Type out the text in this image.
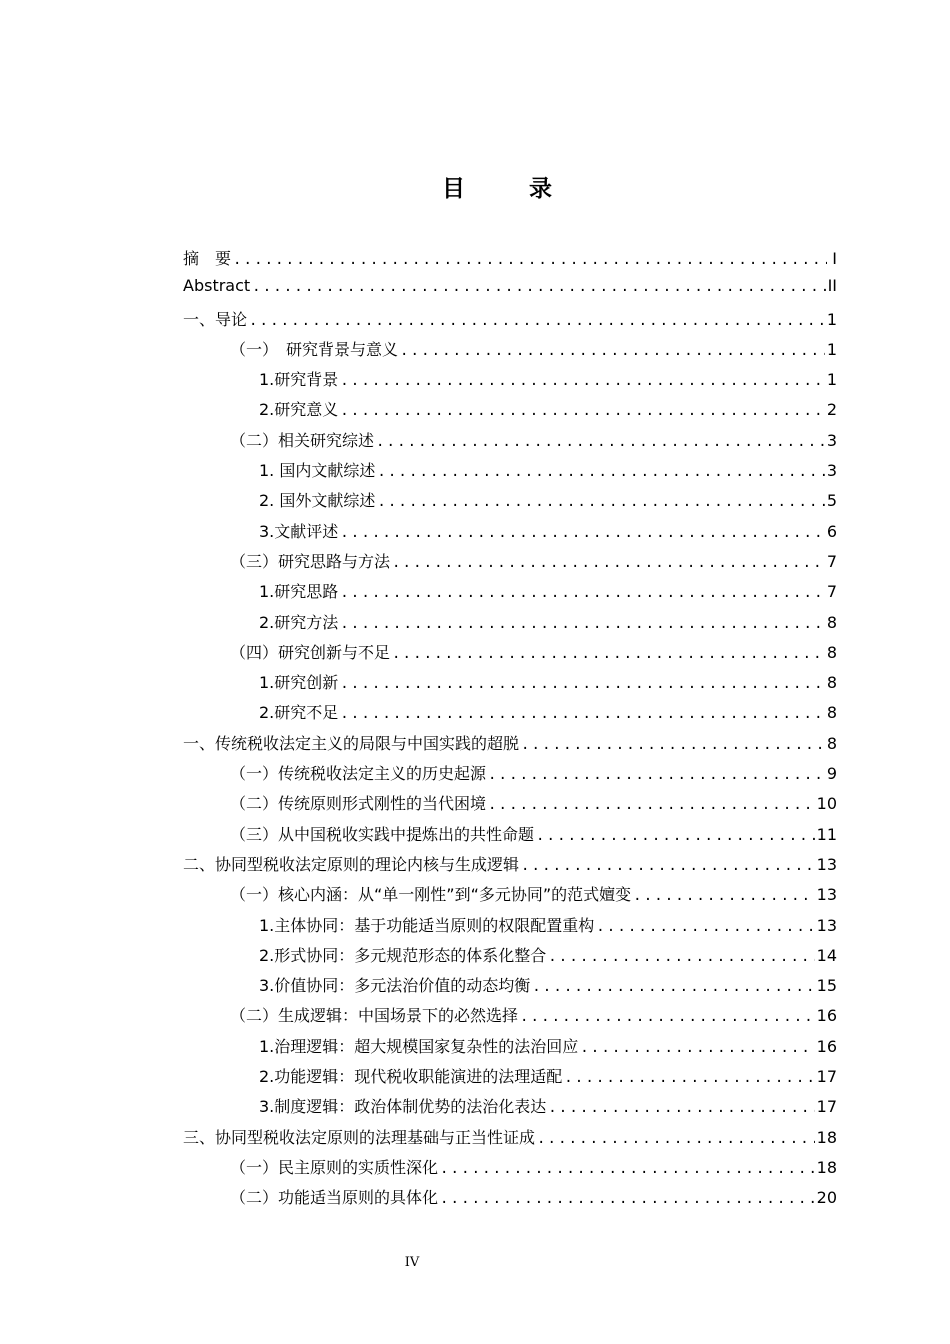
目 录
摘　要 .....	I
Abstract .....	II
一、导论 .....	1
（一）　研究背景与意义 .....	1
1.研究背景 .....	1
2.研究意义 .....	2
（二）相关研究综述 .....	3
1. 国内文献综述 .....	3
2. 国外文献综述 .....	5
3.文献评述 .....	6
（三）研究思路与方法 .....	7
1.研究思路 .....	7
2.研究方法 .....	8
（四）研究创新与不足 .....	8
1.研究创新 .....	8
2.研究不足 .....	8
一、传统税收法定主义的局限与中国实践的超脱 .....	8
（一）传统税收法定主义的历史起源 .....	9
（二）传统原则形式刚性的当代困境 .....	10
（三）从中国税收实践中提炼出的共性命题 .....	11
二、协同型税收法定原则的理论内核与生成逻辑 .....	13
（一）核心内涵：从“单一刚性”到“多元协同”的范式嬗变 .....	13
1.主体协同：基于功能适当原则的权限配置重构 .....	13
2.形式协同：多元规范形态的体系化整合 .....	14
3.价值协同：多元法治价值的动态均衡 .....	15
（二）生成逻辑：中国场景下的必然选择 .....	16
1.治理逻辑：超大规模国家复杂性的法治回应 .....	16
2.功能逻辑：现代税收职能演进的法理适配 .....	17
3.制度逻辑：政治体制优势的法治化表达 .....	17
三、协同型税收法定原则的法理基础与正当性证成 .....	18
（一）民主原则的实质性深化 .....	18
（二）功能适当原则的具体化 .....	20
IV
